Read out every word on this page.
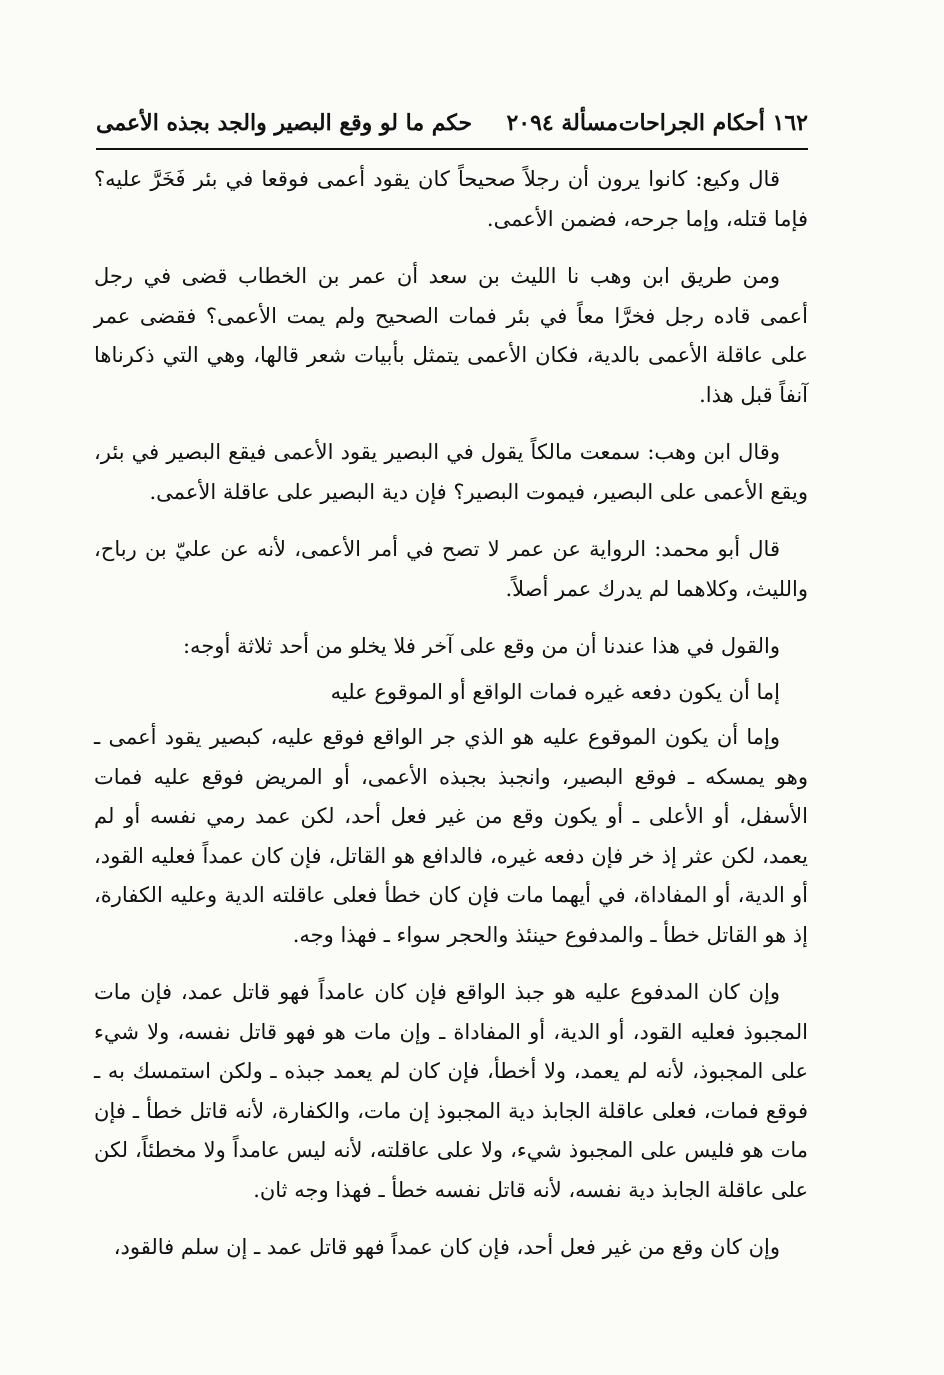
١٦٢ أحكام الجراحات
مسألة ٢٠٩٤
حكم ما لو وقع البصير والجد بجذه الأعمى

قال وكيع: كانوا يرون أن رجلاً صحيحاً كان يقود أعمى فوقعا في بئر فَخَرَّ عليه؟ فإما قتله، وإما جرحه، فضمن الأعمى.

ومن طريق ابن وهب نا الليث بن سعد أن عمر بن الخطاب قضى في رجل أعمى قاده رجل فخرَّا معاً في بئر فمات الصحيح ولم يمت الأعمى؟ فقضى عمر على عاقلة الأعمى بالدية، فكان الأعمى يتمثل بأبيات شعر قالها، وهي التي ذكرناها آنفاً قبل هذا.

وقال ابن وهب: سمعت مالكاً يقول في البصير يقود الأعمى فيقع البصير في بئر، ويقع الأعمى على البصير، فيموت البصير؟ فإن دية البصير على عاقلة الأعمى.

قال أبو محمد: الرواية عن عمر لا تصح في أمر الأعمى، لأنه عن عليّ بن رباح، والليث، وكلاهما لم يدرك عمر أصلاً.

والقول في هذا عندنا أن من وقع على آخر فلا يخلو من أحد ثلاثة أوجه:

إما أن يكون دفعه غيره فمات الواقع أو الموقوع عليه

وإما أن يكون الموقوع عليه هو الذي جر الواقع فوقع عليه، كبصير يقود أعمى ـ وهو يمسكه ـ فوقع البصير، وانجبذ بجبذه الأعمى، أو المريض فوقع عليه فمات الأسفل، أو الأعلى ـ أو يكون وقع من غير فعل أحد، لكن عمد رمي نفسه أو لم يعمد، لكن عثر إذ خر فإن دفعه غيره، فالدافع هو القاتل، فإن كان عمداً فعليه القود، أو الدية، أو المفاداة، في أيهما مات فإن كان خطأ فعلى عاقلته الدية وعليه الكفارة، إذ هو القاتل خطأ ـ والمدفوع حينئذ والحجر سواء ـ فهذا وجه.

وإن كان المدفوع عليه هو جبذ الواقع فإن كان عامداً فهو قاتل عمد، فإن مات المجبوذ فعليه القود، أو الدية، أو المفاداة ـ وإن مات هو فهو قاتل نفسه، ولا شيء على المجبوذ، لأنه لم يعمد، ولا أخطأ، فإن كان لم يعمد جبذه ـ ولكن استمسك به ـ فوقع فمات، فعلى عاقلة الجابذ دية المجبوذ إن مات، والكفارة، لأنه قاتل خطأ ـ فإن مات هو فليس على المجبوذ شيء، ولا على عاقلته، لأنه ليس عامداً ولا مخطئاً، لكن على عاقلة الجابذ دية نفسه، لأنه قاتل نفسه خطأ ـ فهذا وجه ثان.

وإن كان وقع من غير فعل أحد، فإن كان عمداً فهو قاتل عمد ـ إن سلم فالقود،
